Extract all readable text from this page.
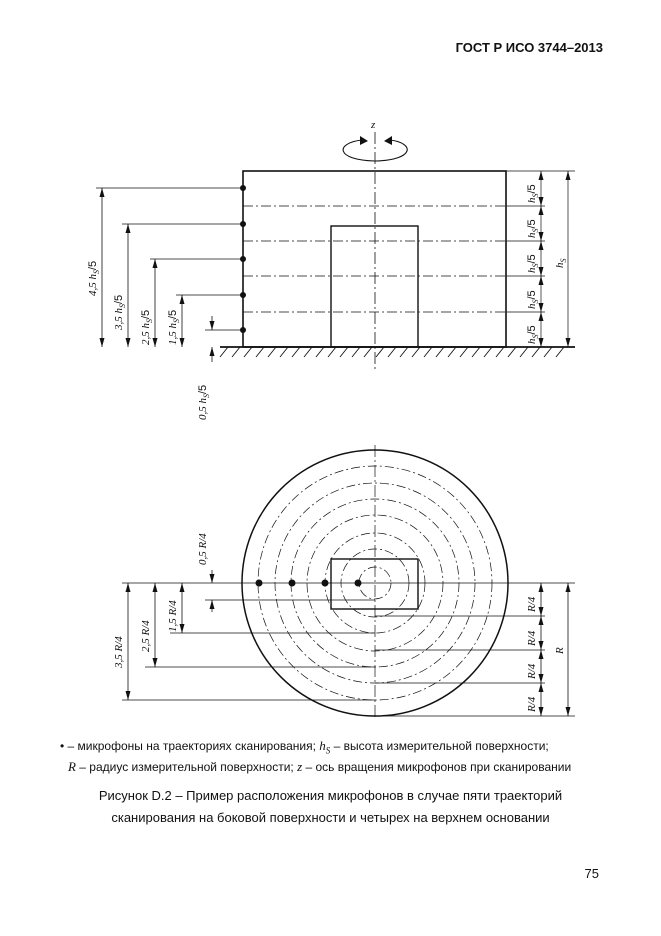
ГОСТ Р ИСО 3744–2013
z
4,5 $h_S/5$
3,5 $h_S/5$
2,5 $h_S/5$
1,5 $h_S/5$
0,5 $h_S/5$
$h_S/5$
$h_S/5$
$h_S/5$
$h_S/5$
$h_S/5$
$h_S$
0,5 R/4
1,5 R/4
2,5 R/4
3,5 R/4
R/4
R/4
R/4
R/4
R
• – микрофоны на траекториях сканирования; $h_S$ – высота измерительной поверхности;
R – радиус измерительной поверхности; z – ось вращения микрофонов при сканировании
Рисунок D.2 – Пример расположения микрофонов в случае пяти траекторий
сканирования на боковой поверхности и четырех на верхнем основании
75
